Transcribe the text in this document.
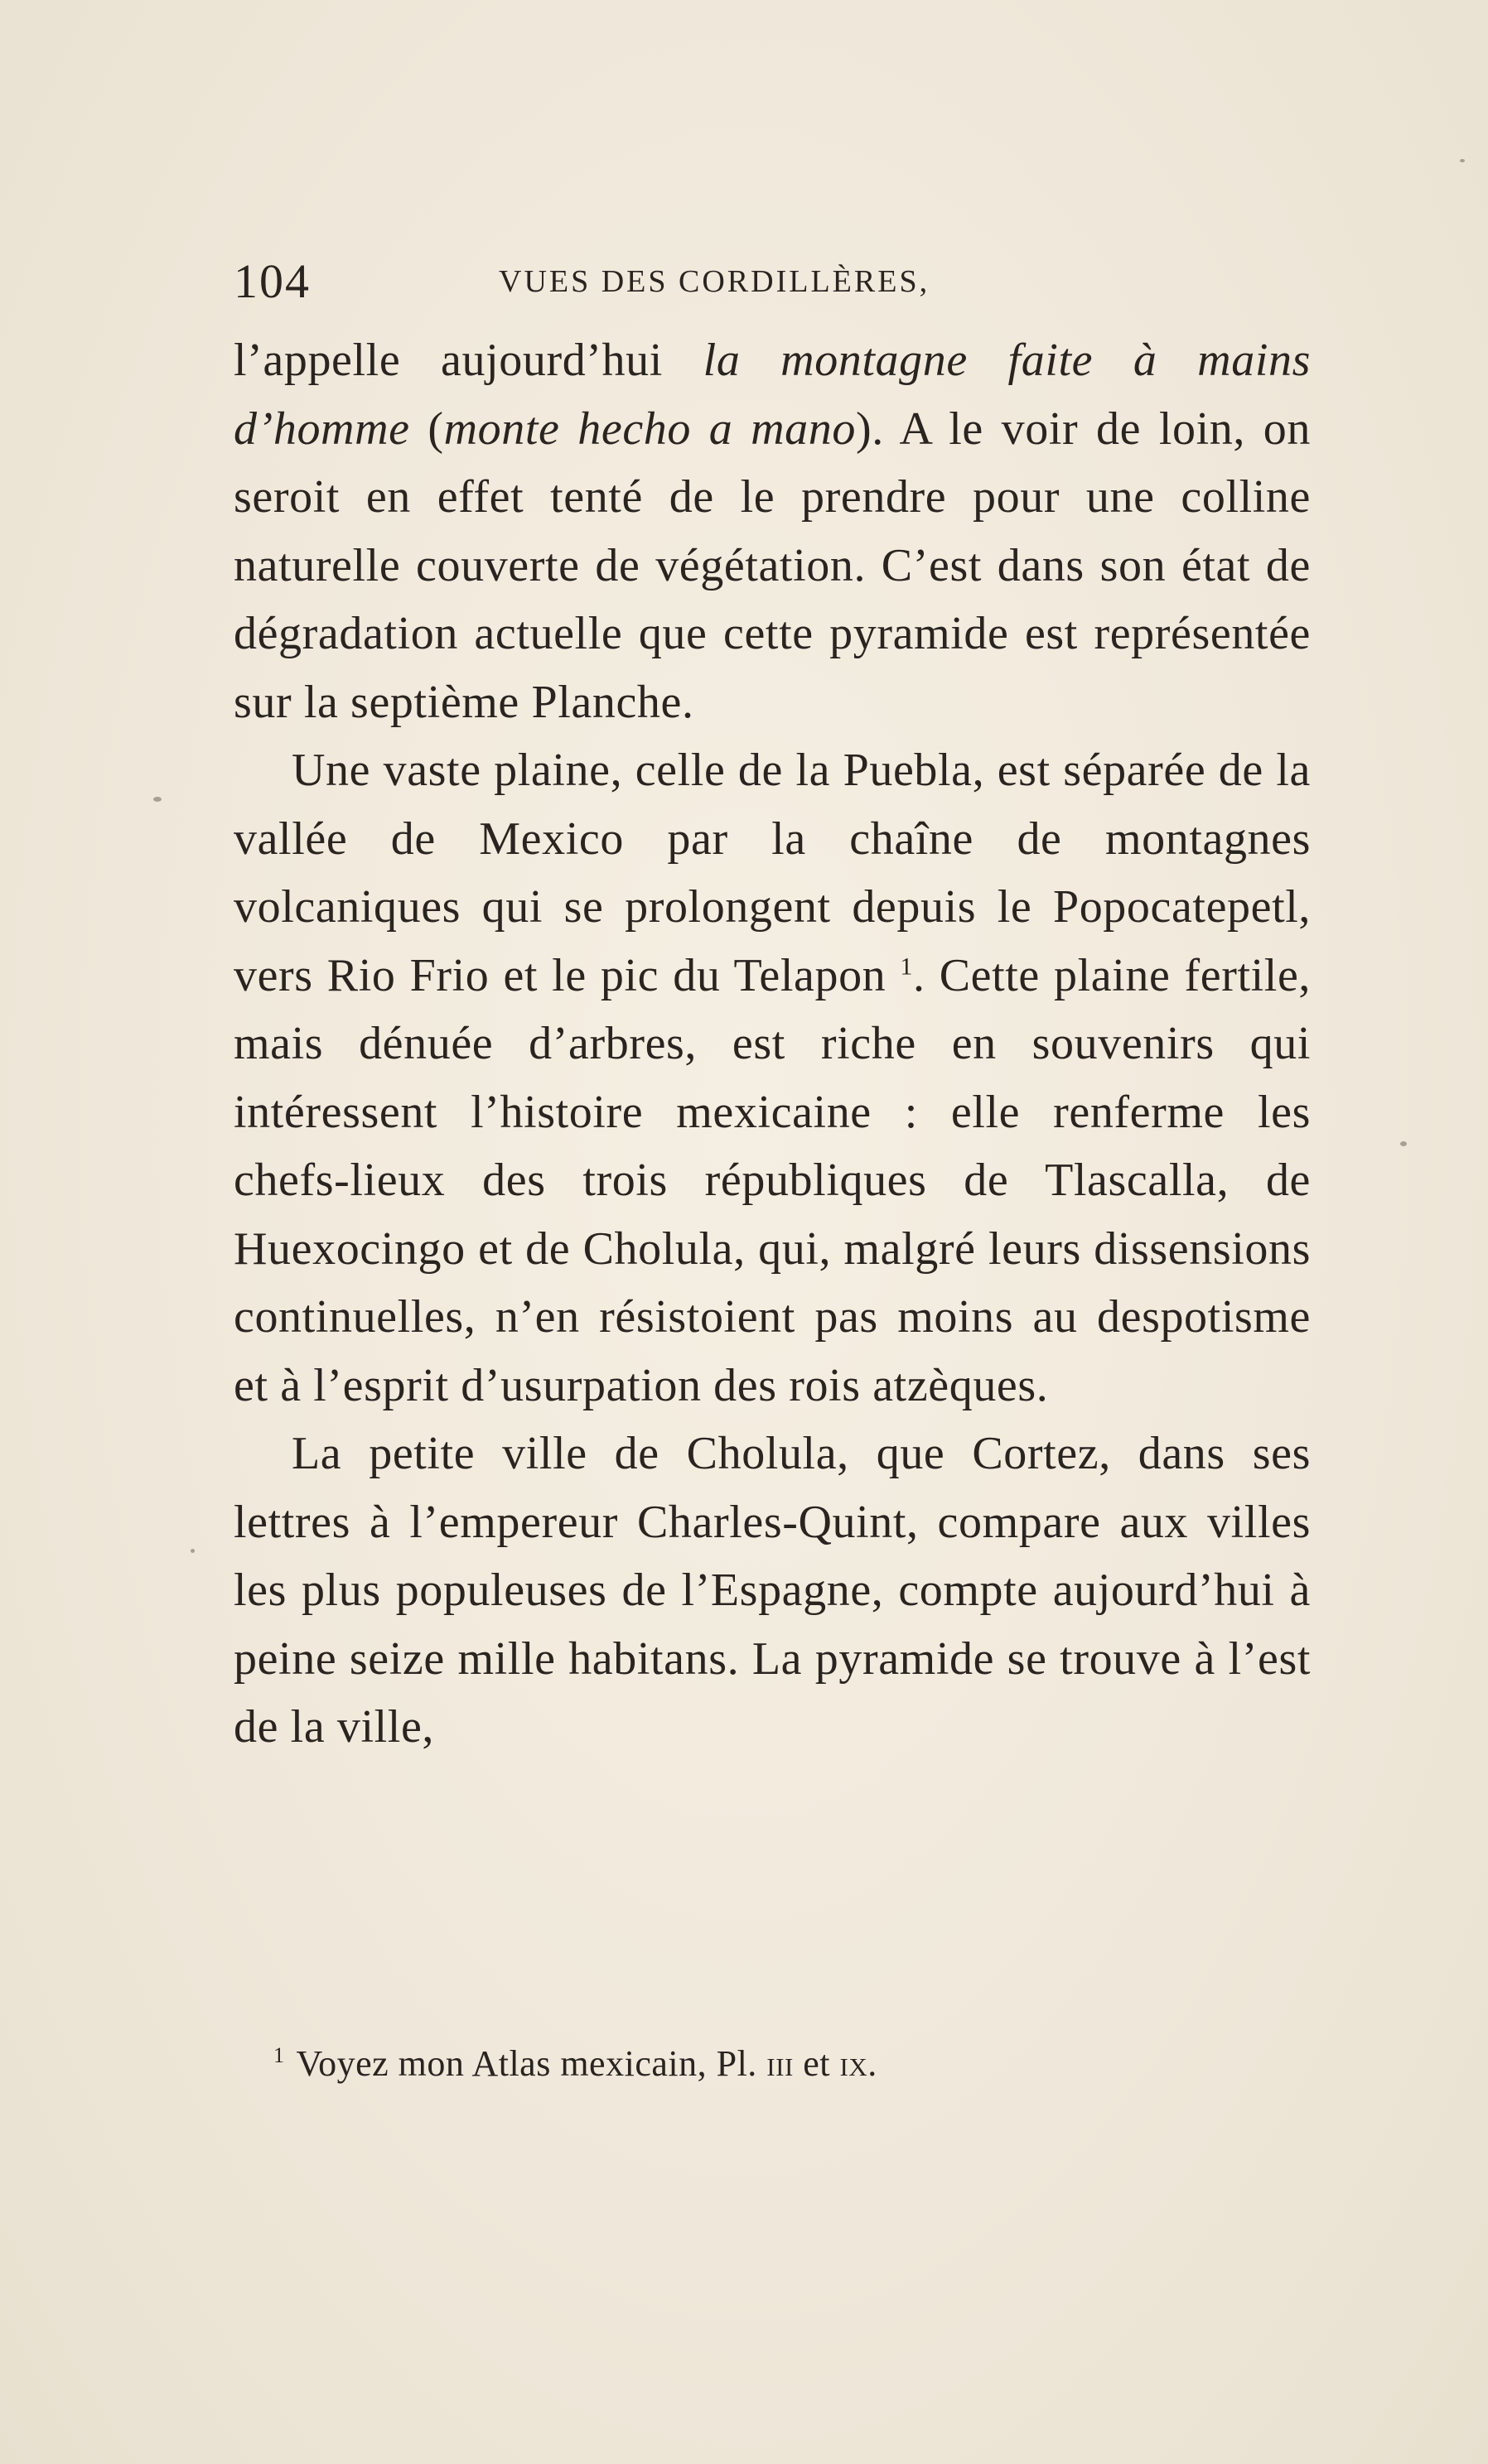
104	VUES DES CORDILLÈRES,

l’appelle aujourd’hui la montagne faite à mains d’homme (monte hecho a mano). A le voir de loin, on seroit en effet tenté de le prendre pour une colline naturelle couverte de végétation. C’est dans son état de dégradation actuelle que cette pyramide est représentée sur la septième Planche.

Une vaste plaine, celle de la Puebla, est séparée de la vallée de Mexico par la chaîne de montagnes volcaniques qui se prolongent depuis le Popocatepetl, vers Rio Frio et le pic du Telapon $^1$. Cette plaine fertile, mais dénuée d’arbres, est riche en souvenirs qui intéressent l’histoire mexicaine : elle renferme les chefs-lieux des trois républiques de Tlascalla, de Huexocingo et de Cholula, qui, malgré leurs dissensions continuelles, n’en résistoient pas moins au despotisme et à l’esprit d’usurpation des rois atzèques.

La petite ville de Cholula, que Cortez, dans ses lettres à l’empereur Charles-Quint, compare aux villes les plus populeuses de l’Espagne, compte aujourd’hui à peine seize mille habitans. La pyramide se trouve à l’est de la ville,

$^1$ Voyez mon Atlas mexicain, Pl. iii et ix.
